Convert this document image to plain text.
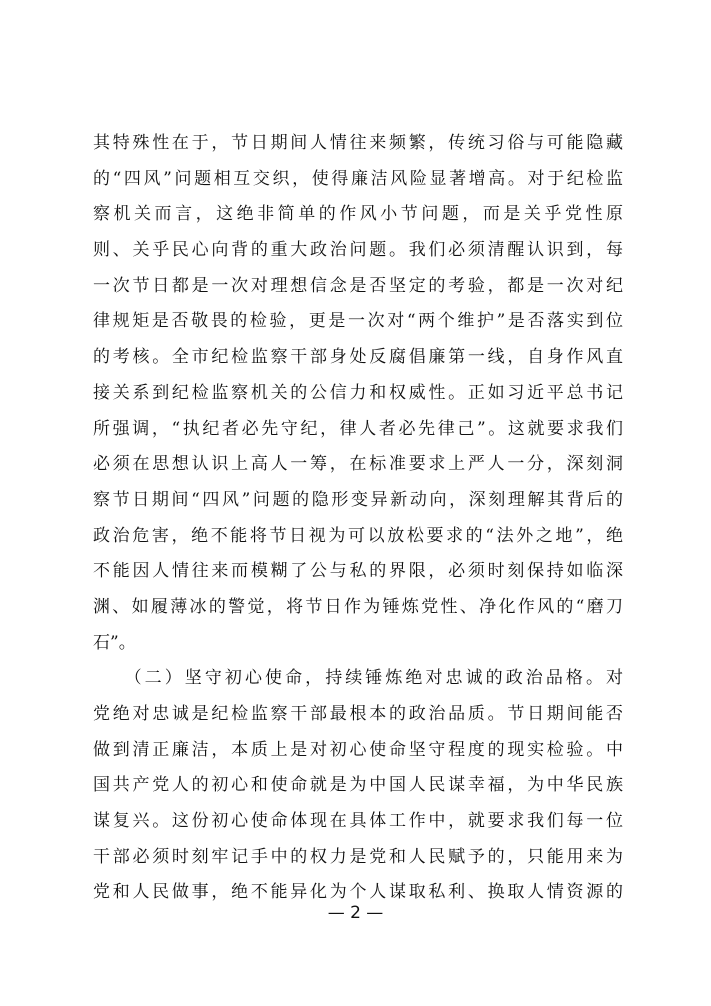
其特殊性在于，节日期间人情往来频繁，传统习俗与可能隐藏
的“四风”问题相互交织，使得廉洁风险显著增高。对于纪检监
察机关而言，这绝非简单的作风小节问题，而是关乎党性原
则、关乎民心向背的重大政治问题。我们必须清醒认识到，每
一次节日都是一次对理想信念是否坚定的考验，都是一次对纪
律规矩是否敬畏的检验，更是一次对“两个维护”是否落实到位
的考核。全市纪检监察干部身处反腐倡廉第一线，自身作风直
接关系到纪检监察机关的公信力和权威性。正如习近平总书记
所强调，“执纪者必先守纪，律人者必先律己”。这就要求我们
必须在思想认识上高人一筹，在标准要求上严人一分，深刻洞
察节日期间“四风”问题的隐形变异新动向，深刻理解其背后的
政治危害，绝不能将节日视为可以放松要求的“法外之地”，绝
不能因人情往来而模糊了公与私的界限，必须时刻保持如临深
渊、如履薄冰的警觉，将节日作为锤炼党性、净化作风的“磨刀
石”。
　　（二）坚守初心使命，持续锤炼绝对忠诚的政治品格。对
党绝对忠诚是纪检监察干部最根本的政治品质。节日期间能否
做到清正廉洁，本质上是对初心使命坚守程度的现实检验。中
国共产党人的初心和使命就是为中国人民谋幸福，为中华民族
谋复兴。这份初心使命体现在具体工作中，就要求我们每一位
干部必须时刻牢记手中的权力是党和人民赋予的，只能用来为
党和人民做事，绝不能异化为个人谋取私利、换取人情资源的
— 2 —
